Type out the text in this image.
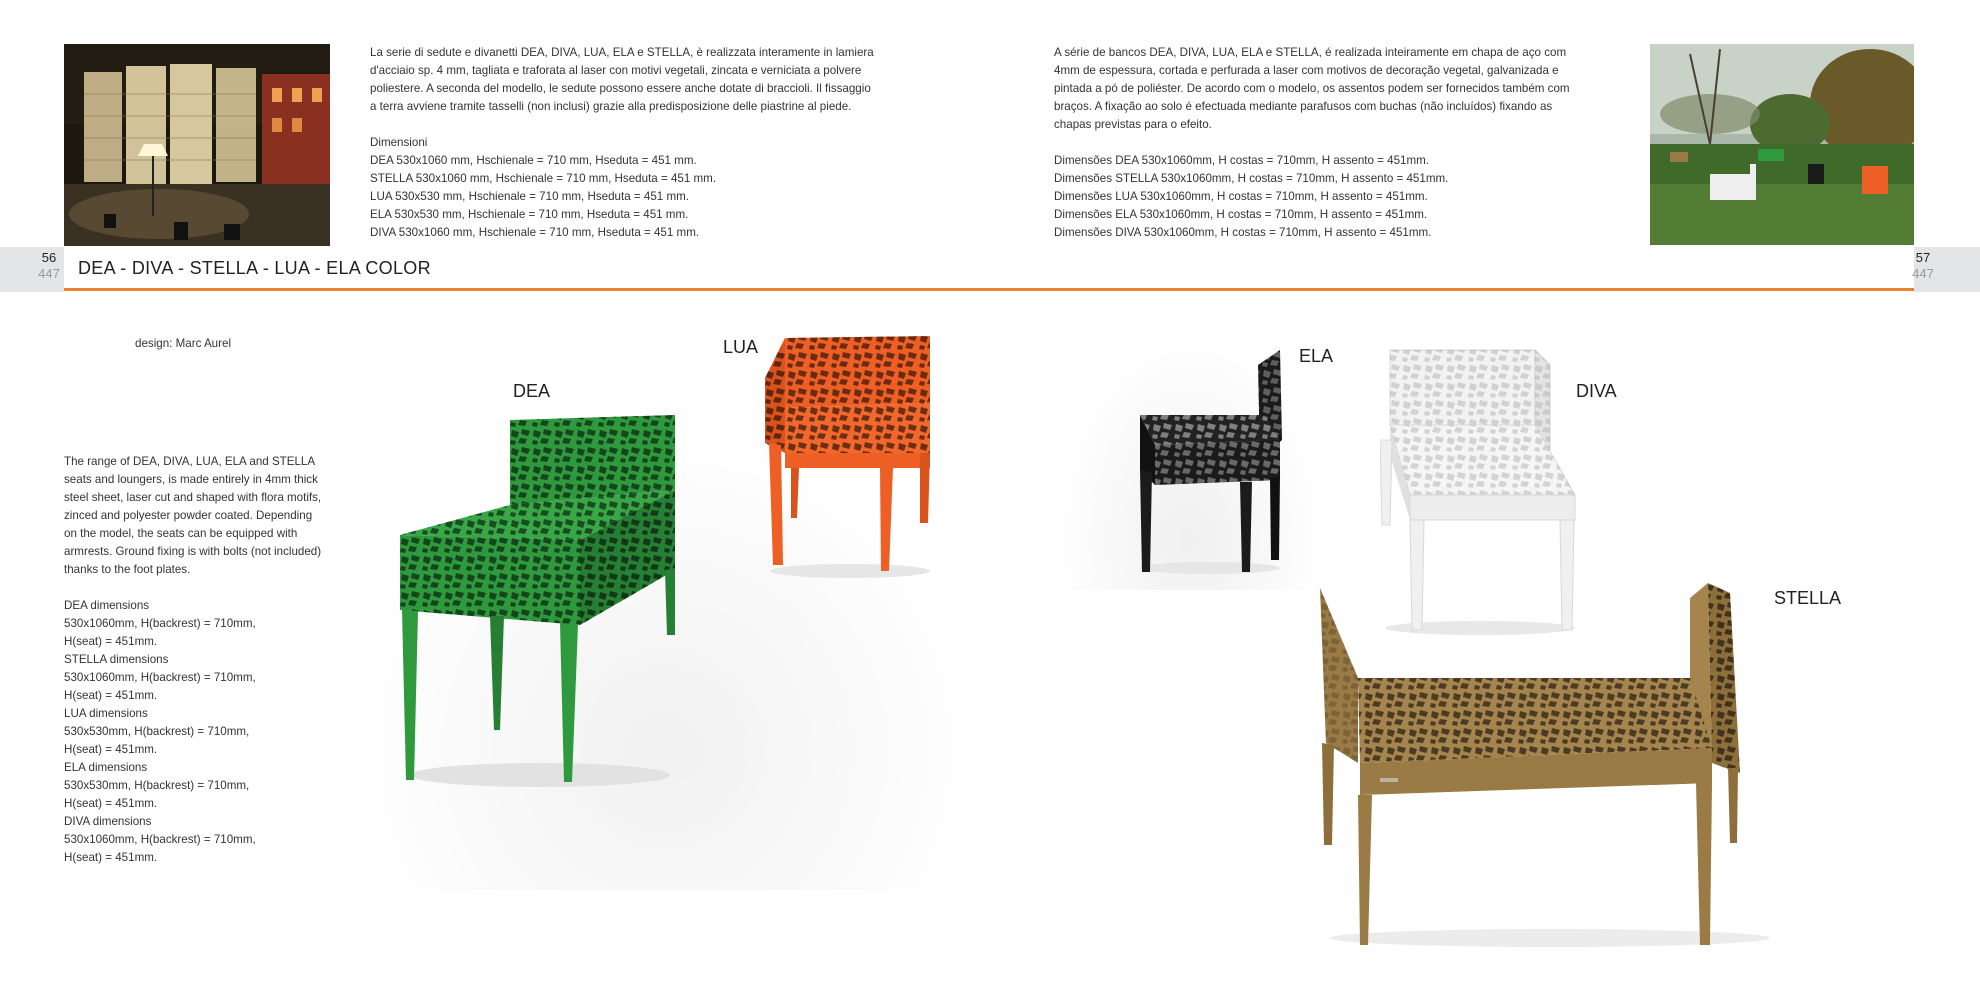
La serie di sedute e divanetti DEA, DIVA, LUA, ELA e STELLA, è realizzata interamente in lamiera

d'acciaio sp. 4 mm, tagliata e traforata al laser con motivi vegetali, zincata e verniciata a polvere

poliestere. A seconda del modello, le sedute possono essere anche dotate di braccioli. Il fissaggio

a terra avviene tramite tasselli (non inclusi) grazie alla predisposizione delle piastrine al piede.

Dimensioni

DEA 530x1060 mm, Hschienale = 710 mm, Hseduta = 451 mm.

STELLA 530x1060 mm, Hschienale = 710 mm, Hseduta = 451 mm.

LUA 530x530 mm, Hschienale = 710 mm, Hseduta = 451 mm.

ELA 530x530 mm, Hschienale = 710 mm, Hseduta = 451 mm.

DIVA 530x1060 mm, Hschienale = 710 mm, Hseduta = 451 mm.

A série de bancos DEA, DIVA, LUA, ELA e STELLA, é realizada inteiramente em chapa de aço com

4mm de espessura, cortada e perfurada a laser com motivos de decoração vegetal, galvanizada e

pintada a pó de poliéster. De acordo com o modelo, os assentos podem ser fornecidos também com

braços. A fixação ao solo é efectuada mediante parafusos com buchas (não incluídos) fixando as

chapas previstas para o efeito.

Dimensões DEA 530x1060mm, H costas = 710mm, H assento = 451mm.

Dimensões STELLA 530x1060mm, H costas = 710mm, H assento = 451mm.

Dimensões LUA 530x1060mm, H costas = 710mm, H assento = 451mm.

Dimensões ELA 530x1060mm, H costas = 710mm, H assento = 451mm.

Dimensões DIVA 530x1060mm, H costas = 710mm, H assento = 451mm.

56
447
57
447
DEA - DIVA - STELLA - LUA - ELA COLOR
design: Marc Aurel

The range of DEA, DIVA, LUA, ELA and STELLA

seats and loungers, is made entirely in 4mm thick

steel sheet, laser cut and shaped with flora motifs,

zinced and polyester powder coated. Depending

on the model, the seats can be equipped with

armrests. Ground fixing is with bolts (not included)

thanks to the foot plates.

DEA dimensions

530x1060mm, H(backrest) = 710mm,

H(seat) = 451mm.

STELLA dimensions

530x1060mm, H(backrest) = 710mm,

H(seat) = 451mm.

LUA dimensions

530x530mm, H(backrest) = 710mm,

H(seat) = 451mm.

ELA dimensions

530x530mm, H(backrest) = 710mm,

H(seat) = 451mm.

DIVA dimensions

530x1060mm, H(backrest) = 710mm,

H(seat) = 451mm.

LUA
DEA
ELA
DIVA
STELLA
